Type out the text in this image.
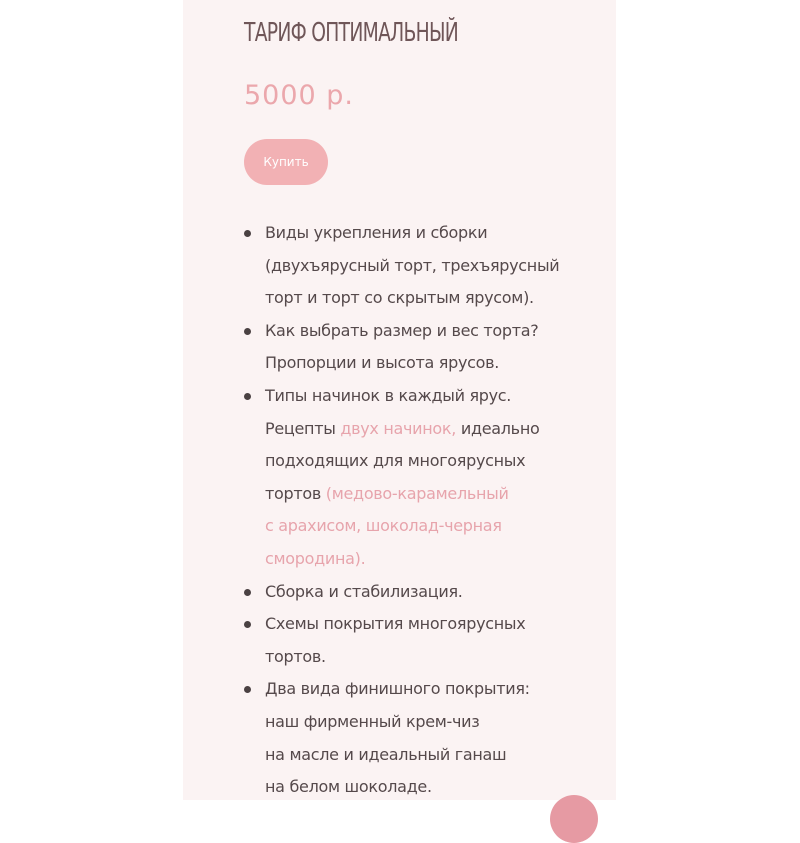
ТАРИФ ОПТИМАЛЬНЫЙ
5000 р.
Купить
Виды укрепления и сборки
(двухъярусный торт, трехъярусный
торт и торт со скрытым ярусом).
Как выбрать размер и вес торта?
Пропорции и высота ярусов.
Типы начинок в каждый ярус.
Рецепты двух начинок, идеально
подходящих для многоярусных
тортов (медово-карамельный
с арахисом, шоколад-черная
смородина).
Сборка и стабилизация.
Схемы покрытия многоярусных
тортов.
Два вида финишного покрытия:
наш фирменный крем-чиз
на масле и идеальный ганаш
на белом шоколаде.
